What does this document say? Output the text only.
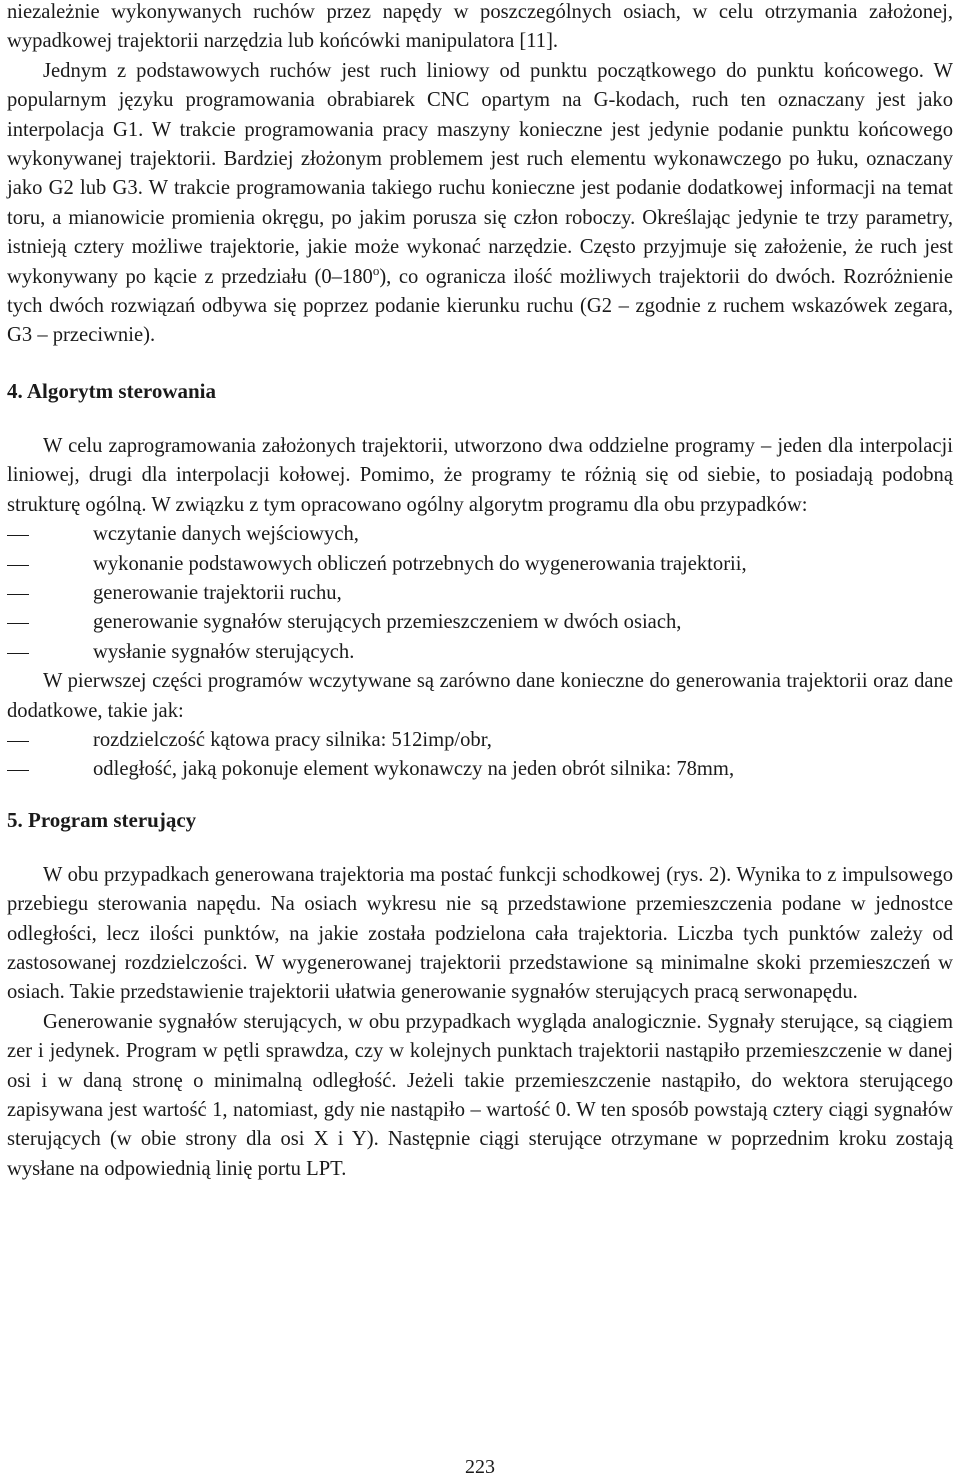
niezależnie wykonywanych ruchów przez napędy w poszczególnych osiach, w celu otrzymania założonej, wypadkowej trajektorii narzędzia lub końcówki manipulatora [11].

Jednym z podstawowych ruchów jest ruch liniowy od punktu początkowego do punktu końcowego. W popularnym języku programowania obrabiarek CNC opartym na G-kodach, ruch ten oznaczany jest jako interpolacja G1. W trakcie programowania pracy maszyny konieczne jest jedynie podanie punktu końcowego wykonywanej trajektorii. Bardziej złożonym problemem jest ruch elementu wykonawczego po łuku, oznaczany jako G2 lub G3. W trakcie programowania takiego ruchu konieczne jest podanie dodatkowej informacji na temat toru, a mianowicie promienia okręgu, po jakim porusza się człon roboczy. Określając jedynie te trzy parametry, istnieją cztery możliwe trajektorie, jakie może wykonać narzędzie. Często przyjmuje się założenie, że ruch jest wykonywany po kącie z przedziału (0–180$^o$), co ogranicza ilość możliwych trajektorii do dwóch. Rozróżnienie tych dwóch rozwiązań odbywa się poprzez podanie kierunku ruchu (G2 – zgodnie z ruchem wskazówek zegara, G3 – przeciwnie).

4. Algorytm sterowania

W celu zaprogramowania założonych trajektorii, utworzono dwa oddzielne programy – jeden dla interpolacji liniowej, drugi dla interpolacji kołowej. Pomimo, że programy te różnią się od siebie, to posiadają podobną strukturę ogólną. W związku z tym opracowano ogólny algorytm programu dla obu przypadków:

wczytanie danych wejściowych,
wykonanie podstawowych obliczeń potrzebnych do wygenerowania trajektorii,
generowanie trajektorii ruchu,
generowanie sygnałów sterujących przemieszczeniem w dwóch osiach,
wysłanie sygnałów sterujących.

W pierwszej części programów wczytywane są zarówno dane konieczne do generowania trajektorii oraz dane dodatkowe, takie jak:

rozdzielczość kątowa pracy silnika: 512imp/obr,
odległość, jaką pokonuje element wykonawczy na jeden obrót silnika: 78mm,
5. Program sterujący

W obu przypadkach generowana trajektoria ma postać funkcji schodkowej (rys. 2). Wynika to z impulsowego przebiegu sterowania napędu. Na osiach wykresu nie są przedstawione przemieszczenia podane w jednostce odległości, lecz ilości punktów, na jakie została podzielona cała trajektoria. Liczba tych punktów zależy od zastosowanej rozdzielczości. W wygenerowanej trajektorii przedstawione są minimalne skoki przemieszczeń w osiach. Takie przedstawienie trajektorii ułatwia generowanie sygnałów sterujących pracą serwonapędu.

Generowanie sygnałów sterujących, w obu przypadkach wygląda analogicznie. Sygnały sterujące, są ciągiem zer i jedynek. Program w pętli sprawdza, czy w kolejnych punktach trajektorii nastąpiło przemieszczenie w danej osi i w daną stronę o minimalną odległość. Jeżeli takie przemieszczenie nastąpiło, do wektora sterującego zapisywana jest wartość 1, natomiast, gdy nie nastąpiło – wartość 0. W ten sposób powstają cztery ciągi sygnałów sterujących (w obie strony dla osi X i Y). Następnie ciągi sterujące otrzymane w poprzednim kroku zostają wysłane na odpowiednią linię portu LPT.

223
